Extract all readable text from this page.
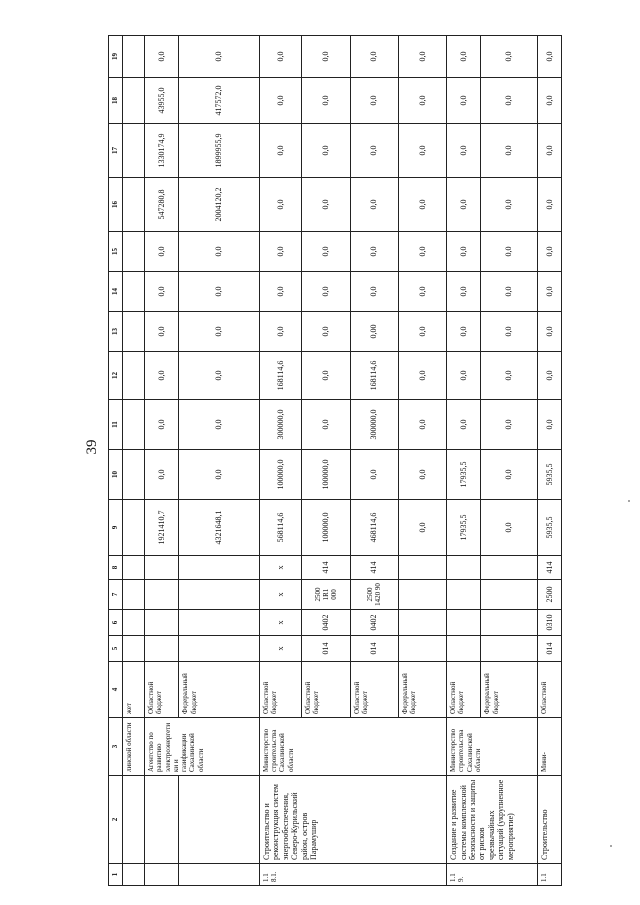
39
1	2	3	4	5	6	7	8	9	10	11	12	13	14	15	16	17	18	19
		линской области	жет															
		Агентство по развитию электроэнергетики и газификации Сахалинской области	Областной бюджет					1921410,7	0,0	0,0	0,0	0,0	0,0	0,0	547280,8	1330174,9	43955,0	0,0
			Федеральный бюджет					4321648,1	0,0	0,0	0,0	0,0	0,0	0,0	2004120,2	1899955,9	417572,0	0,0
1.1 8.1.	Строительство и реконструкция систем энергообеспечения, Северо-Курильский район, остров Парамушир	Министерство строительства Сахалинской области	Областной бюджет	x	x	x	x	568114,6	100000,0	300000,0	168114,6	0,0	0,0	0,0	0,0	0,0	0,0	0,0
			Областной бюджет	014	0402	2500 1R1 000	414	100000,0	100000,0	0,0	0,0	0,0	0,0	0,0	0,0	0,0	0,0	0,0
			Областной бюджет	014	0402	2500 1420 90	414	468114,6	0,0	300000,0	168114,6	0,00	0,0	0,0	0,0	0,0	0,0	0,0
			Федеральный бюджет					0,0	0,0	0,0	0,0	0,0	0,0	0,0	0,0	0,0	0,0	0,0
1.1 9.	Создание и развитие системы комплексной безопасности и защиты от рисков чрезвычайных ситуаций (укрупненное мероприятие)	Министерство строительства Сахалинской области	Областной бюджет					17935,5	17935,5	0,0	0,0	0,0	0,0	0,0	0,0	0,0	0,0	0,0
			Федеральный бюджет					0,0	0,0	0,0	0,0	0,0	0,0	0,0	0,0	0,0	0,0	0,0
1.1	Строительство	Мини-	Областной	014	0310	2500	414	5935,5	5935,5	0,0	0,0	0,0	0,0	0,0	0,0	0,0	0,0	0,0
